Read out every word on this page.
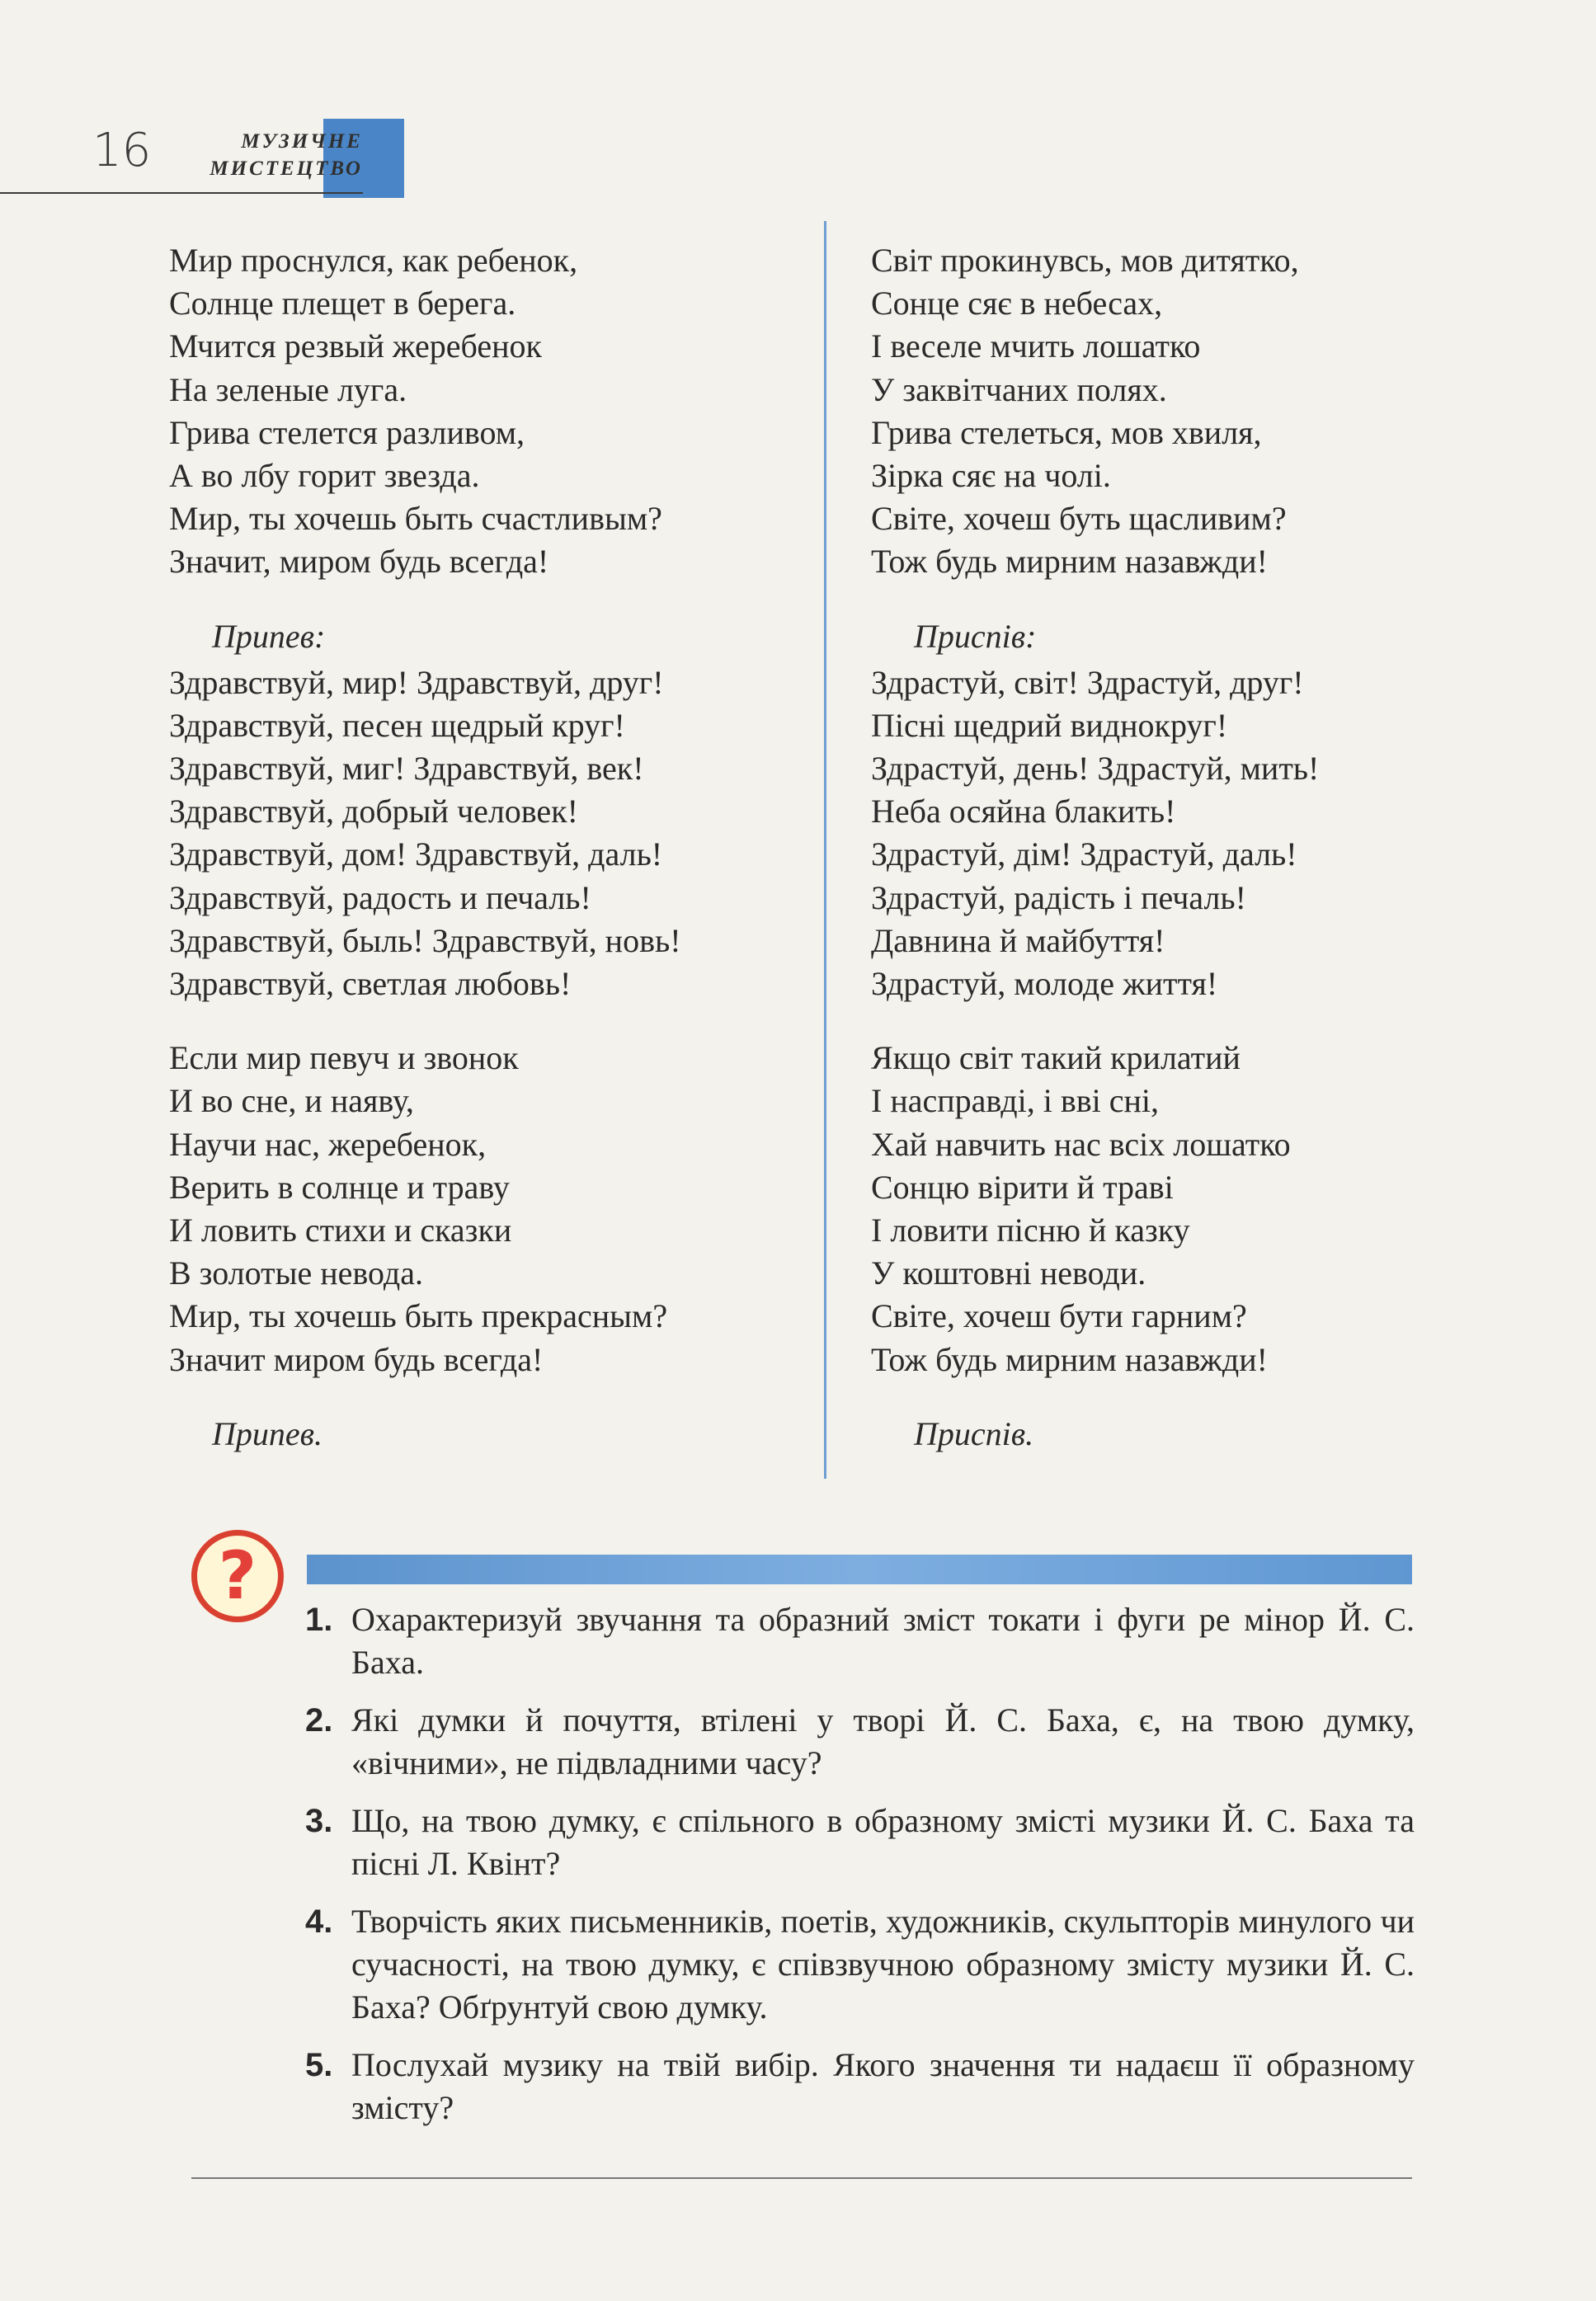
16	МУЗИЧНЕ
МИСТЕЦТВО
Мир проснулся, как ребенок,
Солнце плещет в берега.
Мчится резвый жеребенок
На зеленые луга.
Грива стелется разливом,
А во лбу горит звезда.
Мир, ты хочешь быть счастливым?
Значит, миром будь всегда!
Припев:
Здравствуй, мир! Здравствуй, друг!
Здравствуй, песен щедрый круг!
Здравствуй, миг! Здравствуй, век!
Здравствуй, добрый человек!
Здравствуй, дом! Здравствуй, даль!
Здравствуй, радость и печаль!
Здравствуй, быль! Здравствуй, новь!
Здравствуй, светлая любовь!
Если мир певуч и звонок
И во сне, и наяву,
Научи нас, жеребенок,
Верить в солнце и траву
И ловить стихи и сказки
В золотые невода.
Мир, ты хочешь быть прекрасным?
Значит миром будь всегда!
Припев.
Світ прокинувсь, мов дитятко,
Сонце сяє в небесах,
І веселе мчить лошатко
У заквітчаних полях.
Грива стелеться, мов хвиля,
Зірка сяє на чолі.
Світе, хочеш буть щасливим?
Тож будь мирним назавжди!
Приспів:
Здрастуй, світ! Здрастуй, друг!
Пісні щедрий виднокруг!
Здрастуй, день! Здрастуй, мить!
Неба осяйна блакить!
Здрастуй, дім! Здрастуй, даль!
Здрастуй, радість і печаль!
Давнина й майбуття!
Здрастуй, молоде життя!
Якщо світ такий крилатий
І насправді, і вві сні,
Хай навчить нас всіх лошатко
Сонцю вірити й траві
І ловити пісню й казку
У коштовні неводи.
Світе, хочеш бути гарним?
Тож будь мирним назавжди!
Приспів.
?
1. Охарактеризуй звучання та образний зміст токати і фуги ре мінор Й. С. Баха.
2. Які думки й почуття, втілені у творі Й. С. Баха, є, на твою думку, «вічними», не підвладними часу?
3. Що, на твою думку, є спільного в образному змісті музики Й. С. Баха та пісні Л. Квінт?
4. Творчість яких письменників, поетів, художників, скульпторів минулого чи сучасності, на твою думку, є співзвучною образному змісту музики Й. С. Баха? Обґрунтуй свою думку.
5. Послухай музику на твій вибір. Якого значення ти надаєш її образному змісту?
